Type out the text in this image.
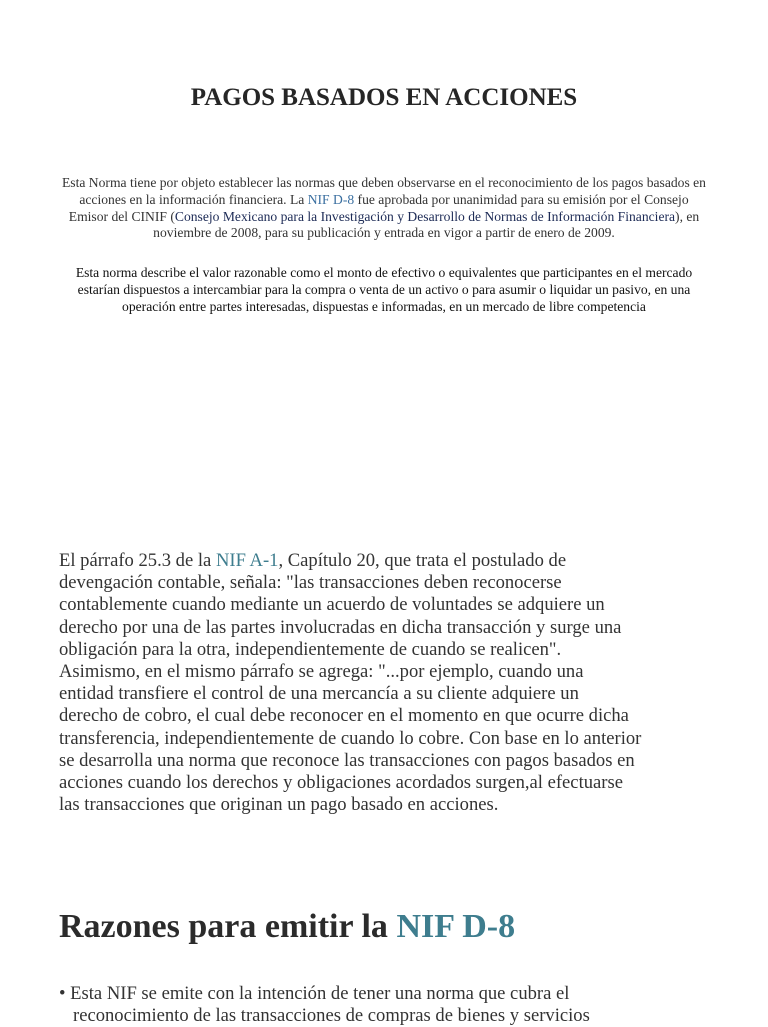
PAGOS BASADOS EN ACCIONES

Esta Norma tiene por objeto establecer las normas que deben observarse en el reconocimiento de los pagos basados en acciones en la información financiera. La NIF D-8 fue aprobada por unanimidad para su emisión por el Consejo Emisor del CINIF (Consejo Mexicano para la Investigación y Desarrollo de Normas de Información Financiera), en noviembre de 2008, para su publicación y entrada en vigor a partir de enero de 2009.

Esta norma describe el valor razonable como el monto de efectivo o equivalentes que participantes en el mercado estarían dispuestos a intercambiar para la compra o venta de un activo o para asumir o liquidar un pasivo, en una operación entre partes interesadas, dispuestas e informadas, en un mercado de libre competencia

El párrafo 25.3 de la NIF A-1, Capítulo 20, que trata el postulado de
devengación contable, señala: "las transacciones deben reconocerse
contablemente cuando mediante un acuerdo de voluntades se adquiere un
derecho por una de las partes involucradas en dicha transacción y surge una
obligación para la otra, independientemente de cuando se realicen".
Asimismo, en el mismo párrafo se agrega: "...por ejemplo, cuando una
entidad transfiere el control de una mercancía a su cliente adquiere un
derecho de cobro, el cual debe reconocer en el momento en que ocurre dicha
transferencia, independientemente de cuando lo cobre. Con base en lo anterior
se desarrolla una norma que reconoce las transacciones con pagos basados en
acciones cuando los derechos y obligaciones acordados surgen,al efectuarse
las transacciones que originan un pago basado en acciones.

Razones para emitir la NIF D-8

• Esta NIF se emite con la intención de tener una norma que cubra el
reconocimiento de las transacciones de compras de bienes y servicios
